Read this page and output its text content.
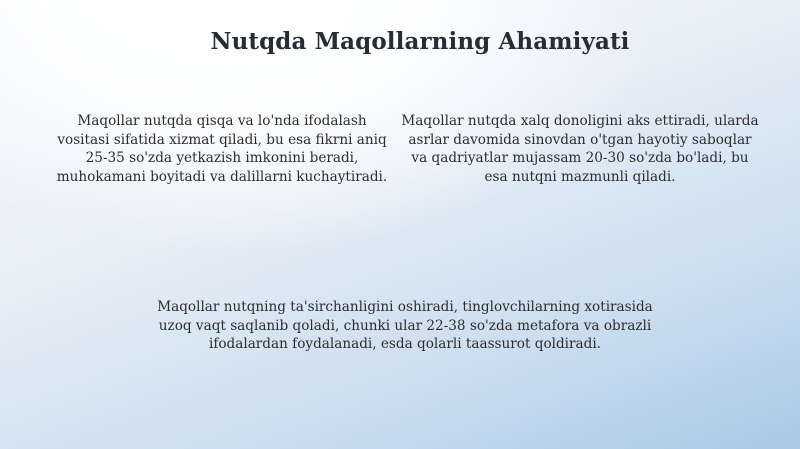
Nutqda Maqollarning Ahamiyati

Maqollar nutqda qisqa va lo'nda ifodalash vositasi sifatida xizmat qiladi, bu esa fikrni aniq 25-35 so'zda yetkazish imkonini beradi, muhokamani boyitadi va dalillarni kuchaytiradi.

Maqollar nutqda xalq donoligini aks ettiradi, ularda asrlar davomida sinovdan o'tgan hayotiy saboqlar va qadriyatlar mujassam 20-30 so'zda bo'ladi, bu esa nutqni mazmunli qiladi.

Maqollar nutqning ta'sirchanligini oshiradi, tinglovchilarning xotirasida uzoq vaqt saqlanib qoladi, chunki ular 22-38 so'zda metafora va obrazli ifodalardan foydalanadi, esda qolarli taassurot qoldiradi.
